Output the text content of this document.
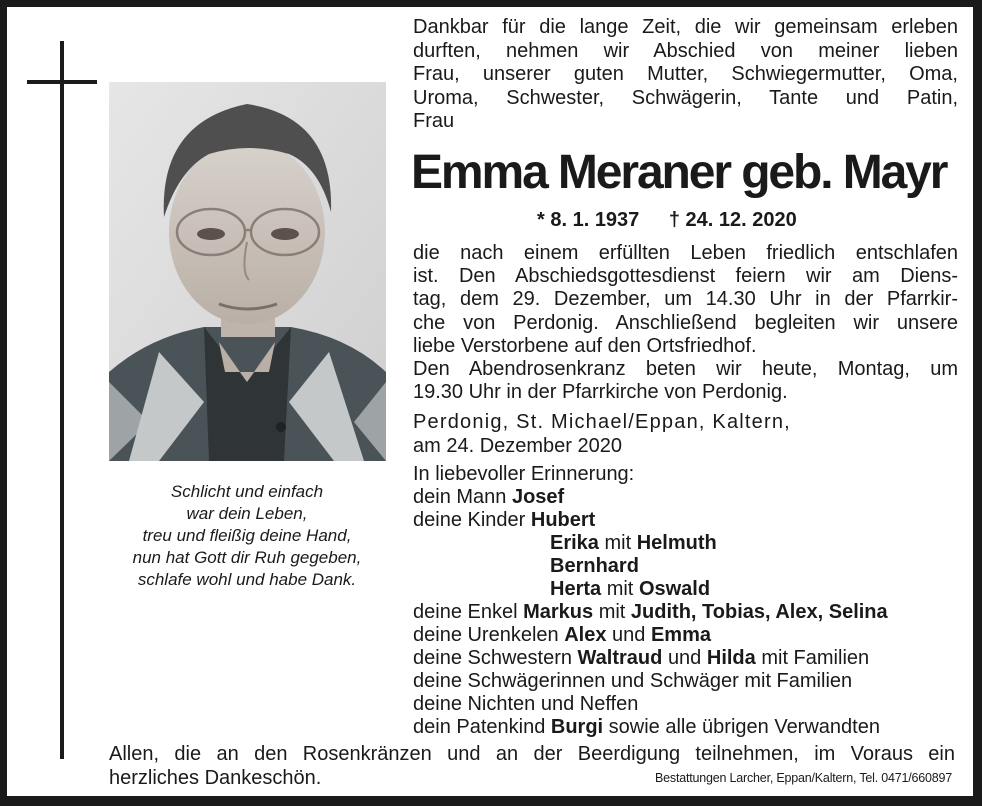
Schlicht und einfach
war dein Leben,
treu und fleißig deine Hand,
nun hat Gott dir Ruh gegeben,
schlafe wohl und habe Dank.
Dankbar für die lange Zeit, die wir gemeinsam erleben
durften, nehmen wir Abschied von meiner lieben
Frau, unserer guten Mutter, Schwiegermutter, Oma,
Uroma, Schwester, Schwägerin, Tante und Patin,
Frau
Emma Meraner geb. Mayr
* 8. 1. 1937 † 24. 12. 2020
die nach einem erfüllten Leben friedlich entschlafen
ist. Den Abschiedsgottesdienst feiern wir am Diens-
tag, dem 29. Dezember, um 14.30 Uhr in der Pfarrkir-
che von Perdonig. Anschließend begleiten wir unsere
liebe Verstorbene auf den Ortsfriedhof.
Den Abendrosenkranz beten wir heute, Montag, um
19.30 Uhr in der Pfarrkirche von Perdonig.
Perdonig, St. Michael/Eppan, Kaltern,
am 24. Dezember 2020
In liebevoller Erinnerung:
dein Mann Josef
deine Kinder Hubert
Erika mit Helmuth
Bernhard
Herta mit Oswald
deine Enkel Markus mit Judith, Tobias, Alex, Selina
deine Urenkelen Alex und Emma
deine Schwestern Waltraud und Hilda mit Familien
deine Schwägerinnen und Schwäger mit Familien
deine Nichten und Neffen
dein Patenkind Burgi sowie alle übrigen Verwandten
Allen, die an den Rosenkränzen und an der Beerdigung teilnehmen, im Voraus ein
herzliches Dankeschön.	Bestattungen Larcher, Eppan/Kaltern, Tel. 0471/660897
